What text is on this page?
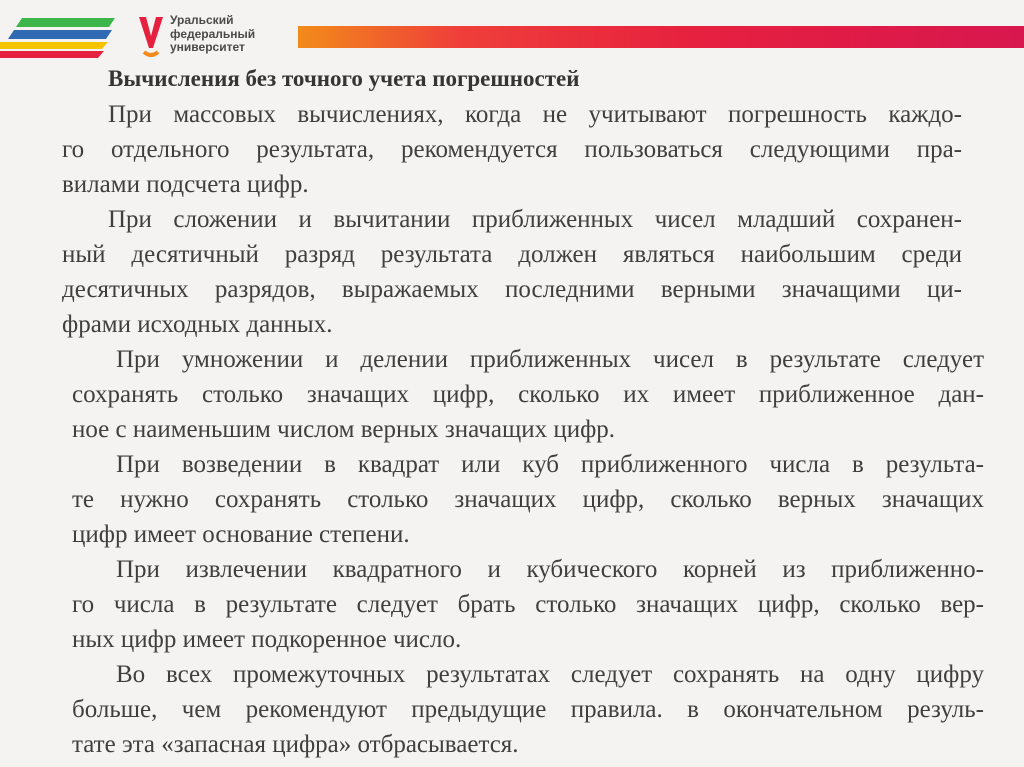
Уральский
федеральный
университет
Вычисления без точного учета погрешностей
При массовых вычислениях, когда не учитывают погрешность каждо-
го отдельного результата, рекомендуется пользоваться следующими пра-
вилами подсчета цифр.
При сложении и вычитании приближенных чисел младший сохранен-
ный десятичный разряд результата должен являться наибольшим среди
десятичных разрядов, выражаемых последними верными значащими ци-
фрами исходных данных.
При умножении и делении приближенных чисел в результате следует
сохранять столько значащих цифр, сколько их имеет приближенное дан-
ное с наименьшим числом верных значащих цифр.
При возведении в квадрат или куб приближенного числа в результа-
те нужно сохранять столько значащих цифр, сколько верных значащих
цифр имеет основание степени.
При извлечении квадратного и кубического корней из приближенно-
го числа в результате следует брать столько значащих цифр, сколько вер-
ных цифр имеет подкоренное число.
Во всех промежуточных результатах следует сохранять на одну цифру
больше, чем рекомендуют предыдущие правила. в окончательном резуль-
тате эта «запасная цифра» отбрасывается.
